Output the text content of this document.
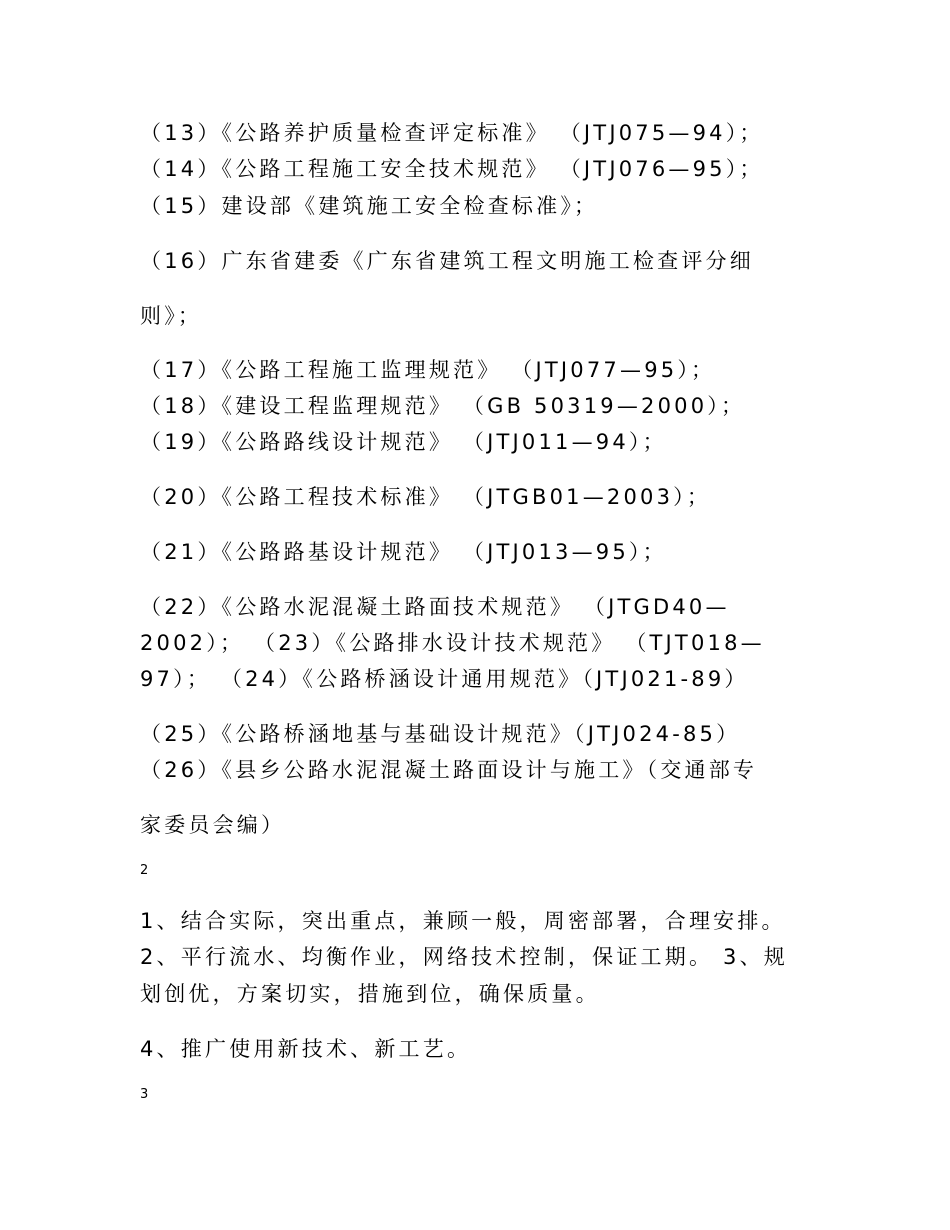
（13）《公路养护质量检查评定标准》 （JTJ075—94）；
（14）《公路工程施工安全技术规范》 （JTJ076—95）；
（15）建设部《建筑施工安全检查标准》；
（16）广东省建委《广东省建筑工程文明施工检查评分细
则》；
（17）《公路工程施工监理规范》 （JTJ077—95）；
（18）《建设工程监理规范》 （GB 50319—2000）；
（19）《公路路线设计规范》 （JTJ011—94）；
（20）《公路工程技术标准》 （JTGB01—2003）；
（21）《公路路基设计规范》 （JTJ013—95）；
（22）《公路水泥混凝土路面技术规范》 （JTGD40—
2002）； （23）《公路排水设计技术规范》 （TJT018—
97）； （24）《公路桥涵设计通用规范》（JTJ021-89）
（25）《公路桥涵地基与基础设计规范》（JTJ024-85）
（26）《县乡公路水泥混凝土路面设计与施工》（交通部专
家委员会编）
2
1、结合实际，突出重点，兼顾一般，周密部署，合理安排。
2、平行流水、均衡作业，网络技术控制，保证工期。 3、规
划创优，方案切实，措施到位，确保质量。
4、推广使用新技术、新工艺。
3
